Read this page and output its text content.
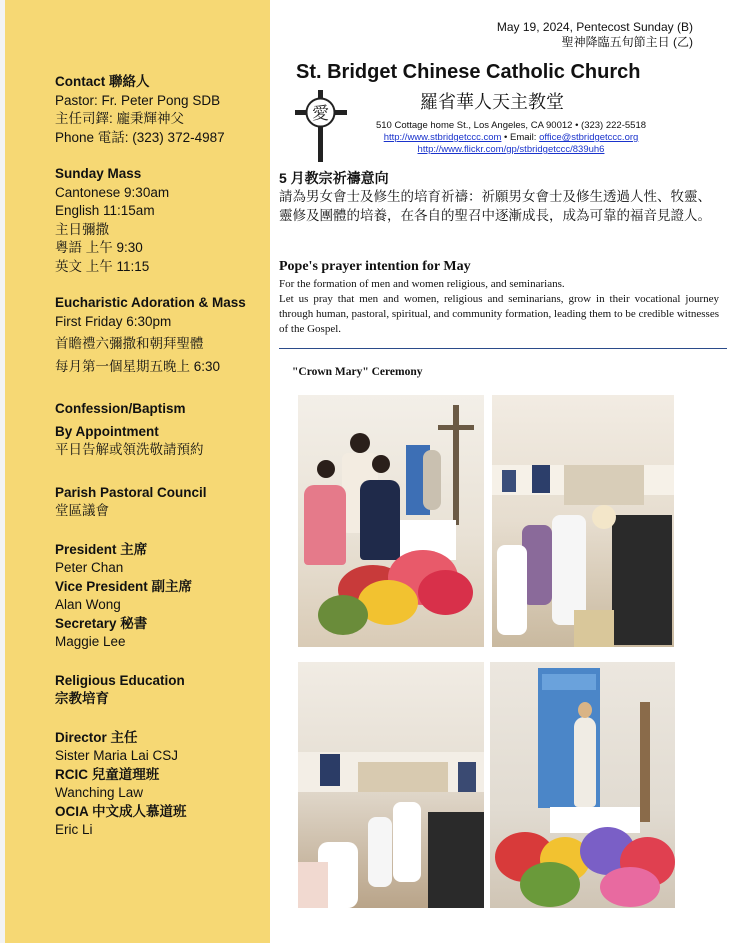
Contact 聯絡人
Pastor: Fr. Peter Pong SDB
主任司鐸: 龐秉輝神父
Phone 電話: (323) 372-4987
Sunday Mass
Cantonese 9:30am
English 11:15am
主日彌撒
粵語 上午 9:30
英文 上午 11:15
Eucharistic Adoration & Mass
First Friday 6:30pm
首瞻禮六彌撒和朝拜聖體
每月第一個星期五晚上 6:30
Confession/Baptism
By Appointment
平日告解或領洗敬請預約
Parish Pastoral Council
堂區議會
President 主席
Peter Chan
Vice President 副主席
Alan Wong
Secretary 秘書
Maggie Lee
Religious Education
宗教培育
Director 主任
Sister Maria Lai CSJ
RCIC 兒童道理班
Wanching Law
OCIA 中文成人慕道班
Eric Li
May 19, 2024, Pentecost Sunday (B)
聖神降臨五旬節主日 (乙)
St. Bridget Chinese Catholic Church
羅省華人天主教堂
愛
510 Cottage home St., Los Angeles, CA 90012 • (323) 222-5518
http://www.stbridgetccc.com • Email: office@stbridgetccc.org
http://www.flickr.com/gp/stbridgetccc/839uh6
5 月教宗祈禱意向
請為男女會士及修生的培育祈禱：祈願男女會士及修生透過人性、牧靈、靈修及團體的培養，在各自的聖召中逐漸成長，成為可靠的福音見證人。
Pope's prayer intention for May
For the formation of men and women religious, and seminarians.
Let us pray that men and women, religious and seminarians, grow in their vocational journey through human, pastoral, spiritual, and community formation, leading them to be credible witnesses of the Gospel.
"Crown Mary" Ceremony
